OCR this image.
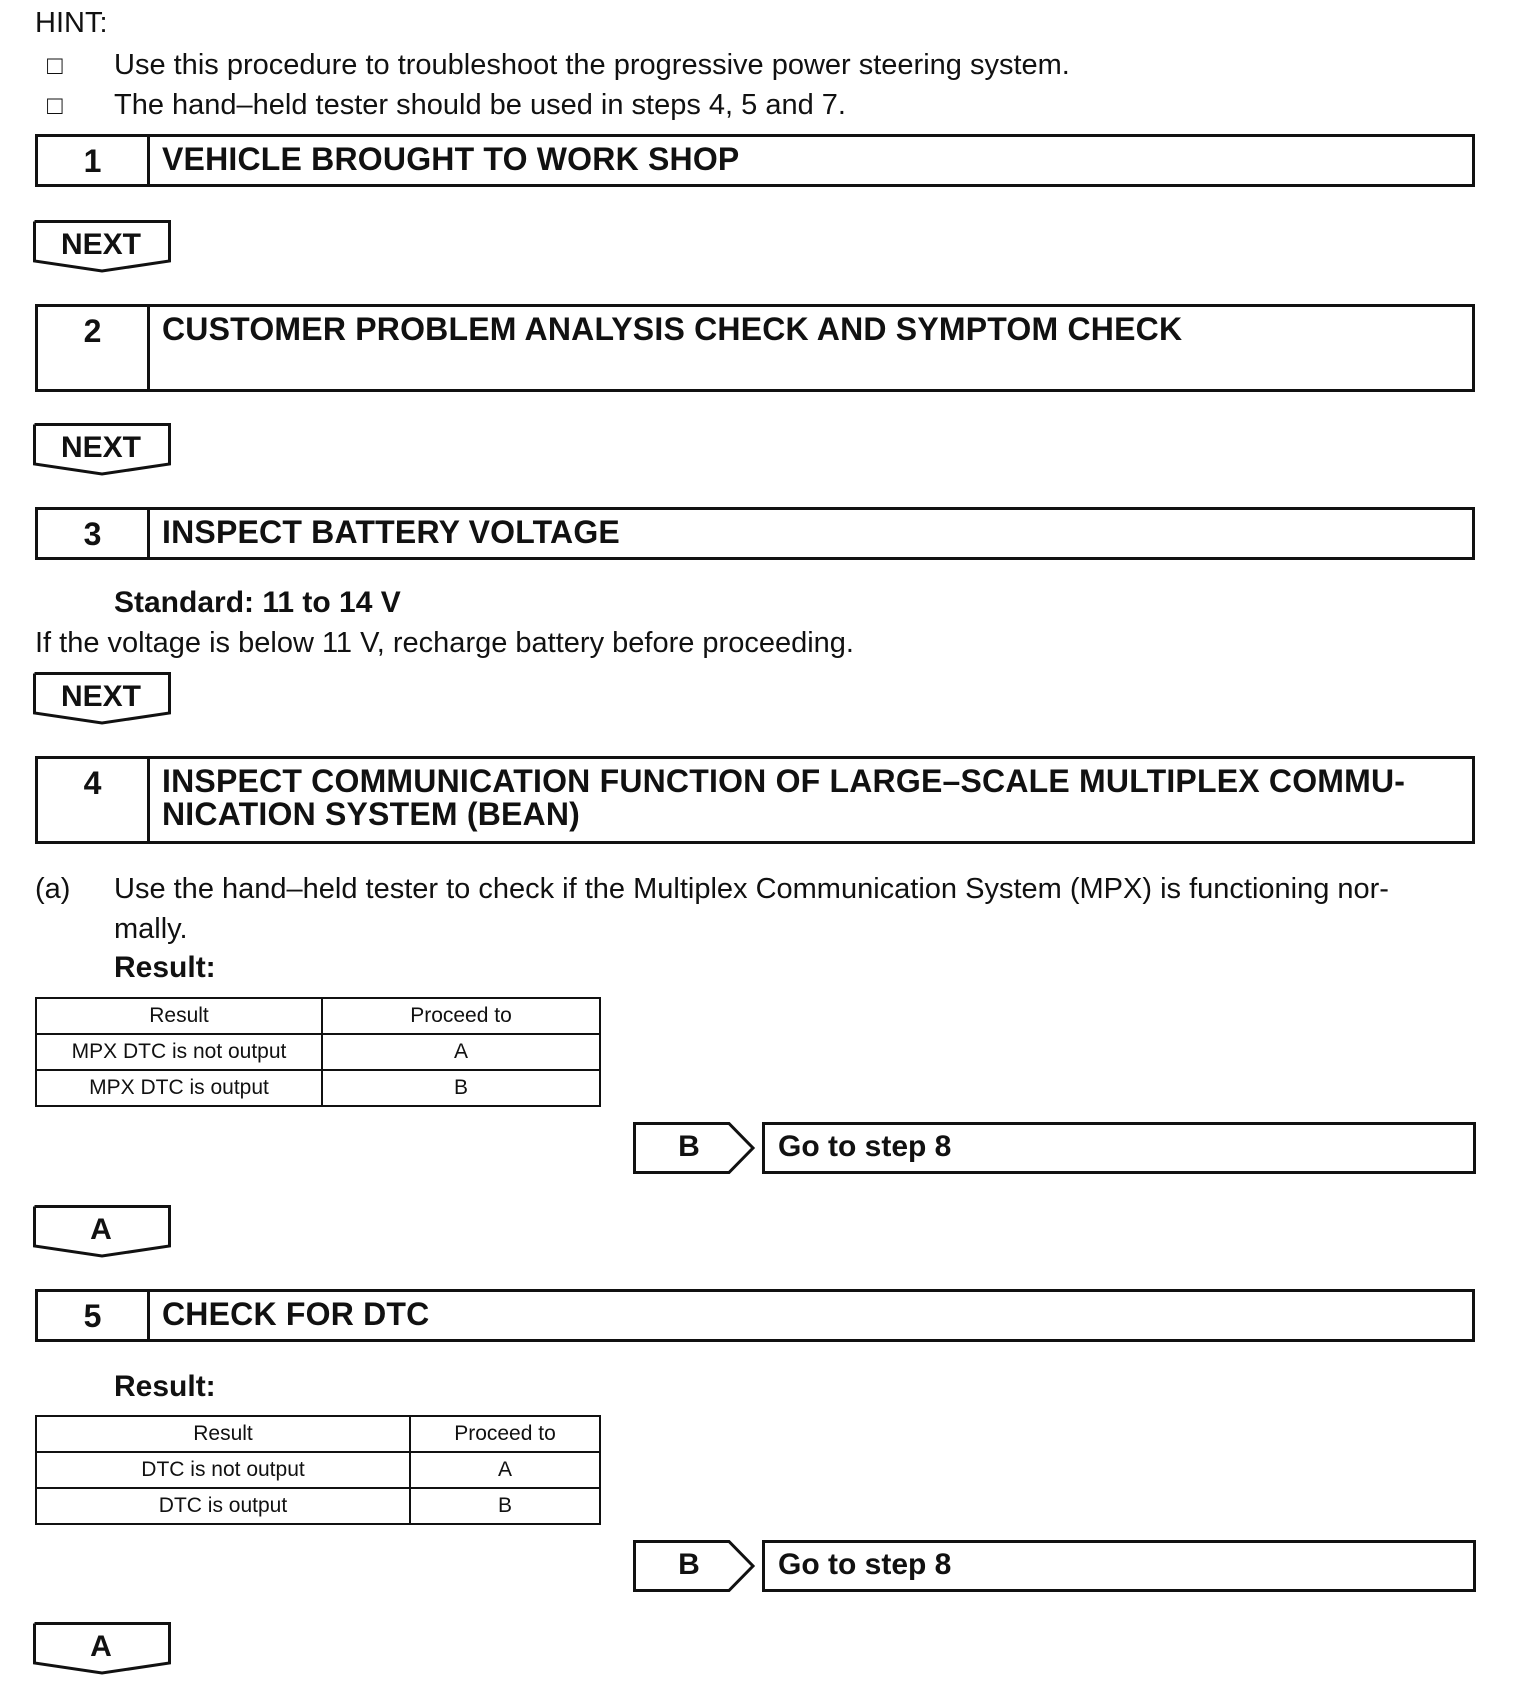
HINT:
□ Use this procedure to troubleshoot the progressive power steering system.
□ The hand–held tester should be used in steps 4, 5 and 7.
1	VEHICLE BROUGHT TO WORK SHOP
NEXT
2	CUSTOMER PROBLEM ANALYSIS CHECK AND SYMPTOM CHECK
NEXT
3	INSPECT BATTERY VOLTAGE
Standard: 11 to 14 V
If the voltage is below 11 V, recharge battery before proceeding.
NEXT
4	INSPECT COMMUNICATION FUNCTION OF LARGE–SCALE MULTIPLEX COMMU-
NICATION SYSTEM (BEAN)
(a) Use the hand–held tester to check if the Multiplex Communication System (MPX) is functioning nor-
mally.
Result:
Result	Proceed to
MPX DTC is not output	A
MPX DTC is output	B
B	Go to step 8
A
5	CHECK FOR DTC
Result:
Result	Proceed to
DTC is not output	A
DTC is output	B
B	Go to step 8
A
